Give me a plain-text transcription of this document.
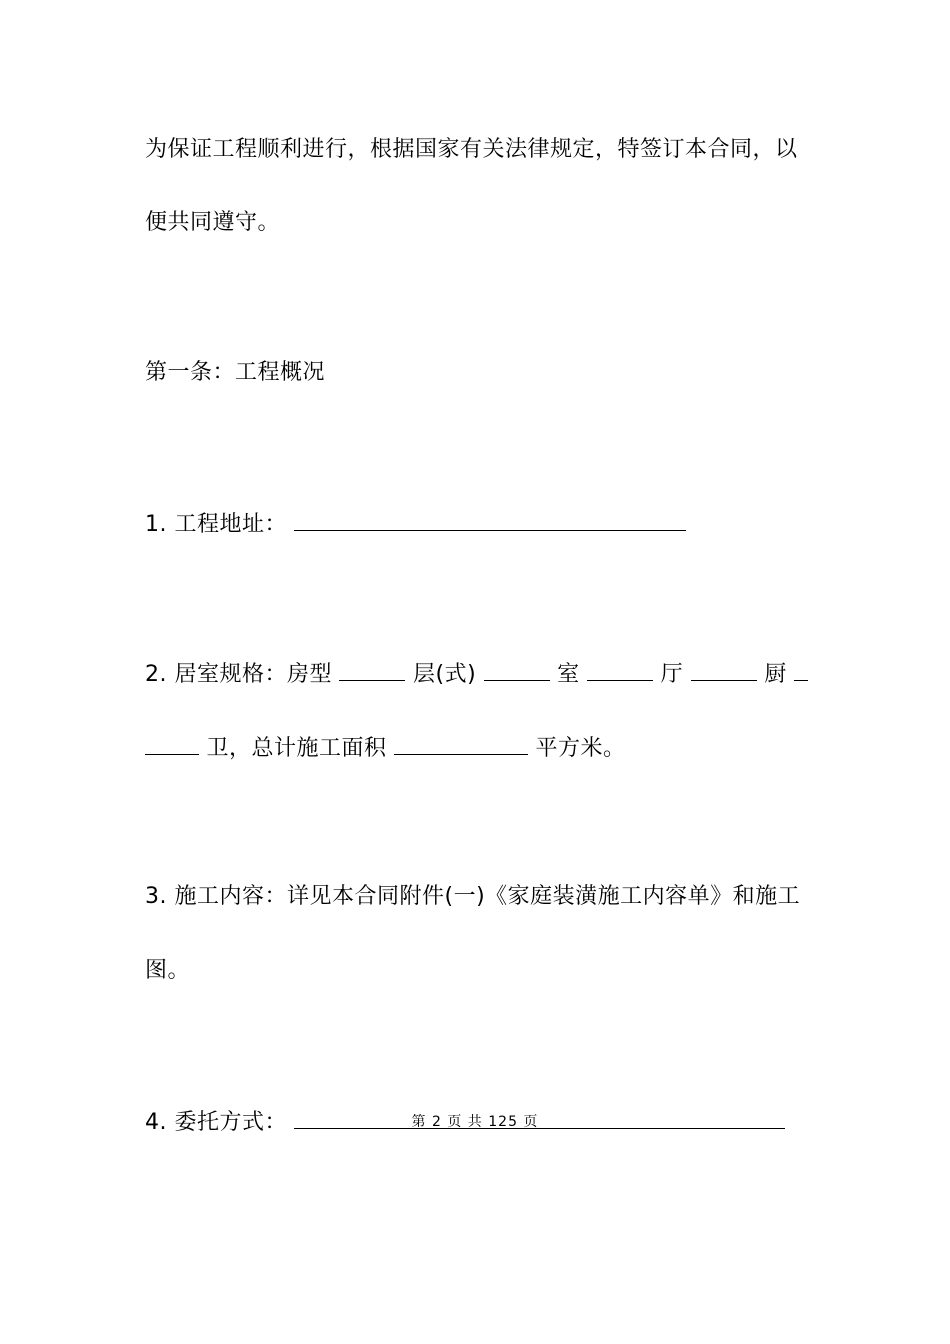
为保证工程顺利进行，根据国家有关法律规定，特签订本合同，以
便共同遵守。
第一条：工程概况
1. 工程地址：
2. 居室规格：房型	层(式)	室	厅	厨
卫，总计施工面积	平方米。
3. 施工内容：详见本合同附件(一)《家庭装潢施工内容单》和施工
图。
4. 委托方式：	第 2 页 共 125 页
